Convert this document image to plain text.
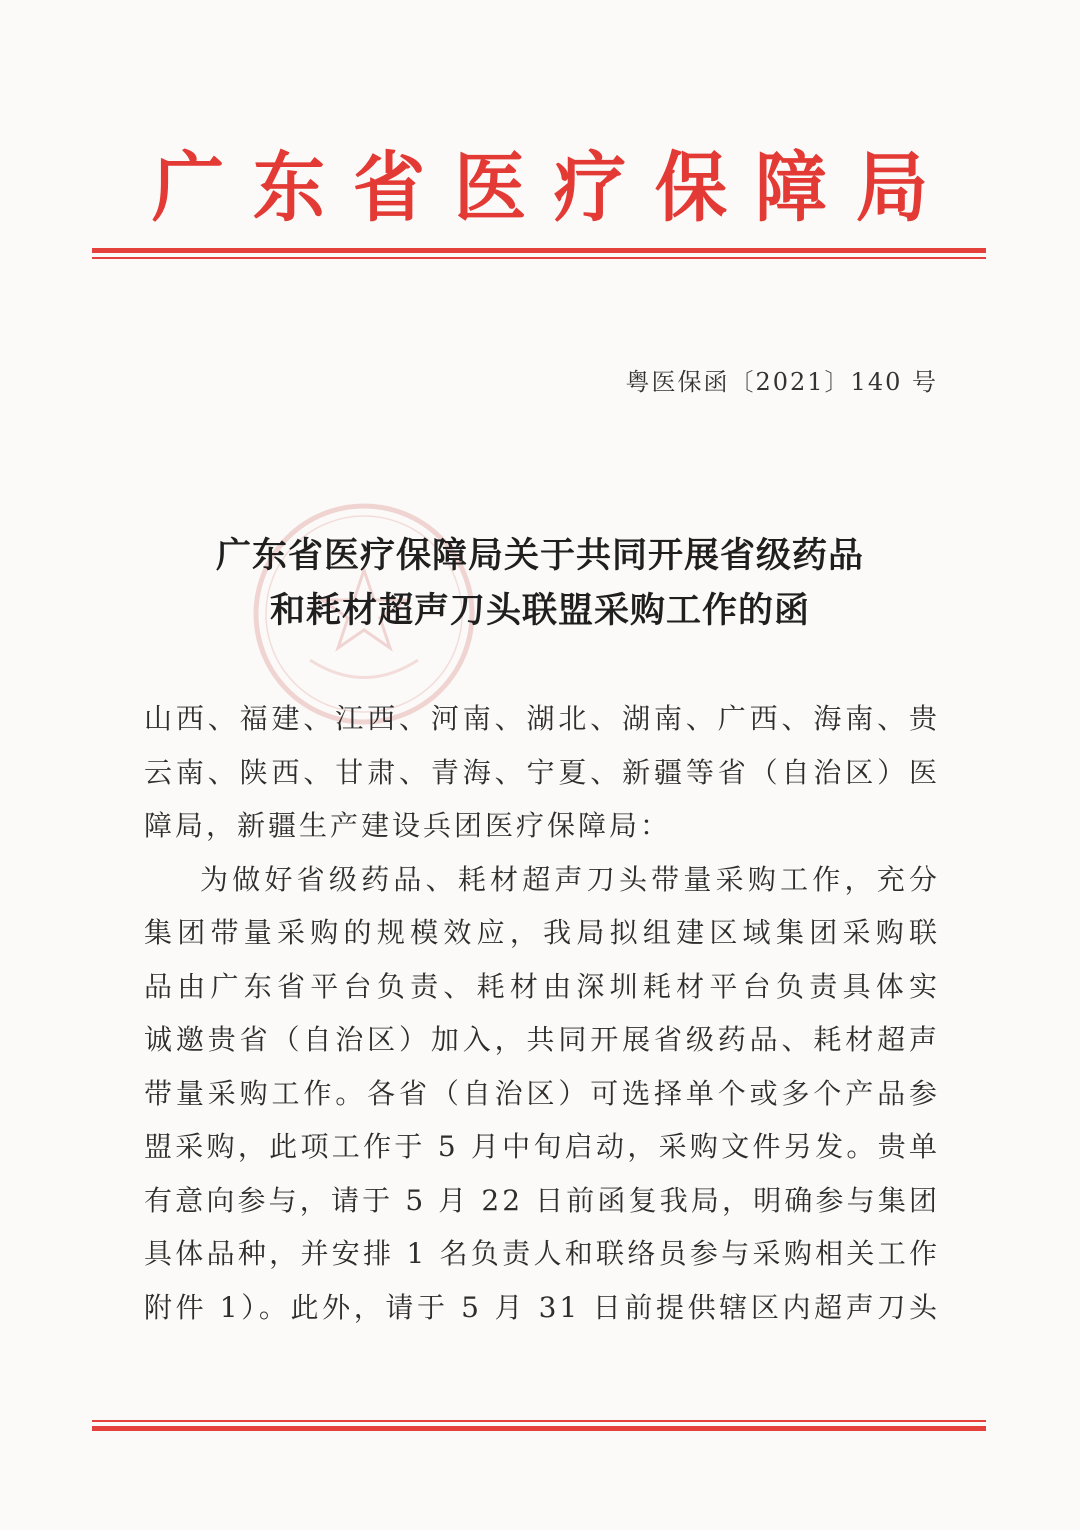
广 东 省 医 疗 保 障 局
粤医保函〔2021〕140 号
广东省医疗保障局关于共同开展省级药品
和耗材超声刀头联盟采购工作的函
山西、福建、江西、河南、湖北、湖南、广西、海南、贵
云南、陕西、甘肃、青海、宁夏、新疆等省（自治区）医
障局，新疆生产建设兵团医疗保障局：
为做好省级药品、耗材超声刀头带量采购工作，充分
集团带量采购的规模效应，我局拟组建区域集团采购联
品由广东省平台负责、耗材由深圳耗材平台负责具体实
诚邀贵省（自治区）加入，共同开展省级药品、耗材超声
带量采购工作。各省（自治区）可选择单个或多个产品参
盟采购，此项工作于 5 月中旬启动，采购文件另发。贵单
有意向参与，请于 5 月 22 日前函复我局，明确参与集团
具体品种，并安排 1 名负责人和联络员参与采购相关工作
附件 1）。此外，请于 5 月 31 日前提供辖区内超声刀头
